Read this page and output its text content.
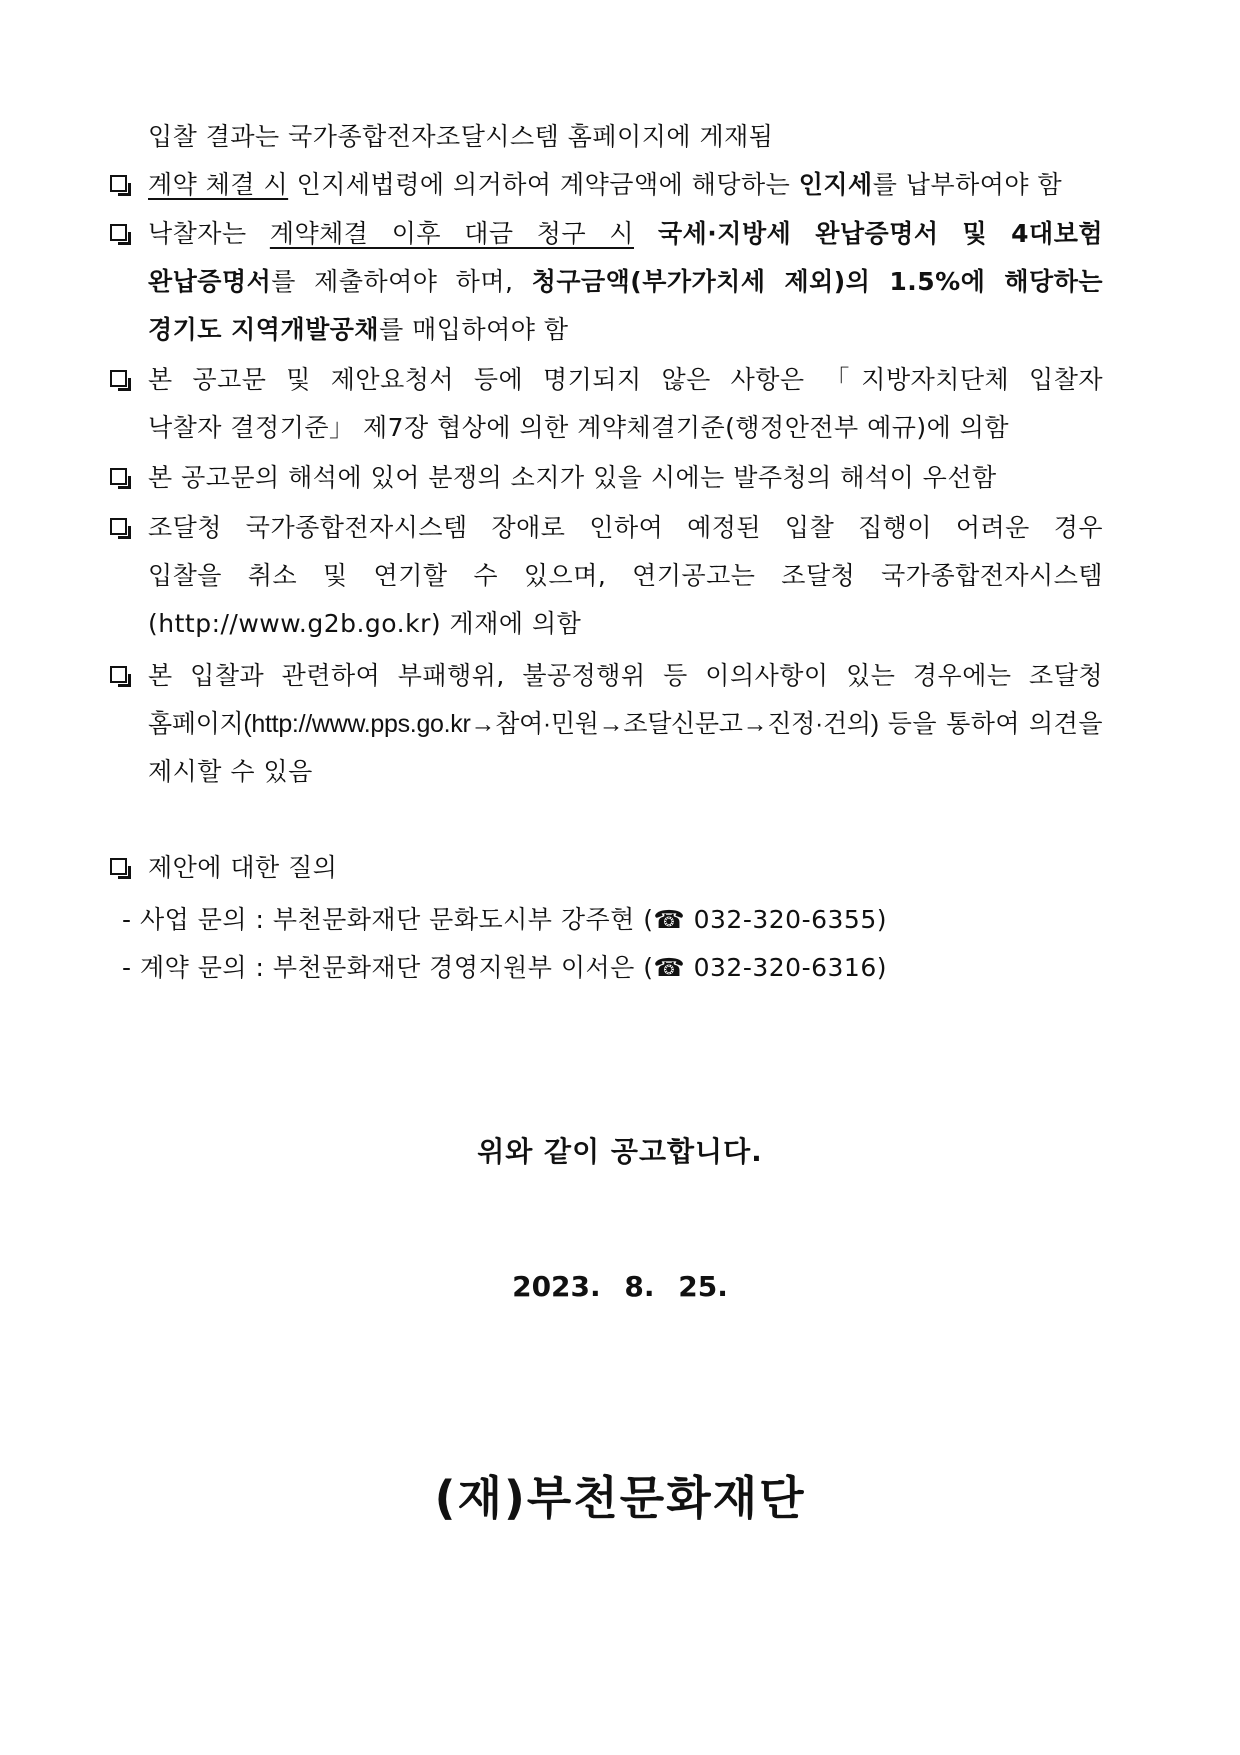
입찰 결과는 국가종합전자조달시스템 홈페이지에 게재됨
계약 체결 시 인지세법령에 의거하여 계약금액에 해당하는 인지세를 납부하여야 함
낙찰자는 계약체결 이후 대금 청구 시 국세·지방세 완납증명서 및 4대보험
완납증명서를 제출하여야 하며, 청구금액(부가가치세 제외)의 1.5%에 해당하는
경기도 지역개발공채를 매입하여야 함
본 공고문 및 제안요청서 등에 명기되지 않은 사항은 「지방자치단체 입찰자
낙찰자 결정기준」 제7장 협상에 의한 계약체결기준(행정안전부 예규)에 의함
본 공고문의 해석에 있어 분쟁의 소지가 있을 시에는 발주청의 해석이 우선함
조달청 국가종합전자시스템 장애로 인하여 예정된 입찰 집행이 어려운 경우
입찰을 취소 및 연기할 수 있으며, 연기공고는 조달청 국가종합전자시스템
(http://www.g2b.go.kr) 게재에 의함
본 입찰과 관련하여 부패행위, 불공정행위 등 이의사항이 있는 경우에는 조달청
홈페이지(http://www.pps.go.kr→참여·민원→조달신문고→진정·건의) 등을 통하여 의견을
제시할 수 있음
제안에 대한 질의
- 사업 문의 : 부천문화재단 문화도시부 강주현 (☎ 032-320-6355)
- 계약 문의 : 부천문화재단 경영지원부 이서은 (☎ 032-320-6316)
위와 같이 공고합니다.
2023. 8. 25.
(재)부천문화재단
